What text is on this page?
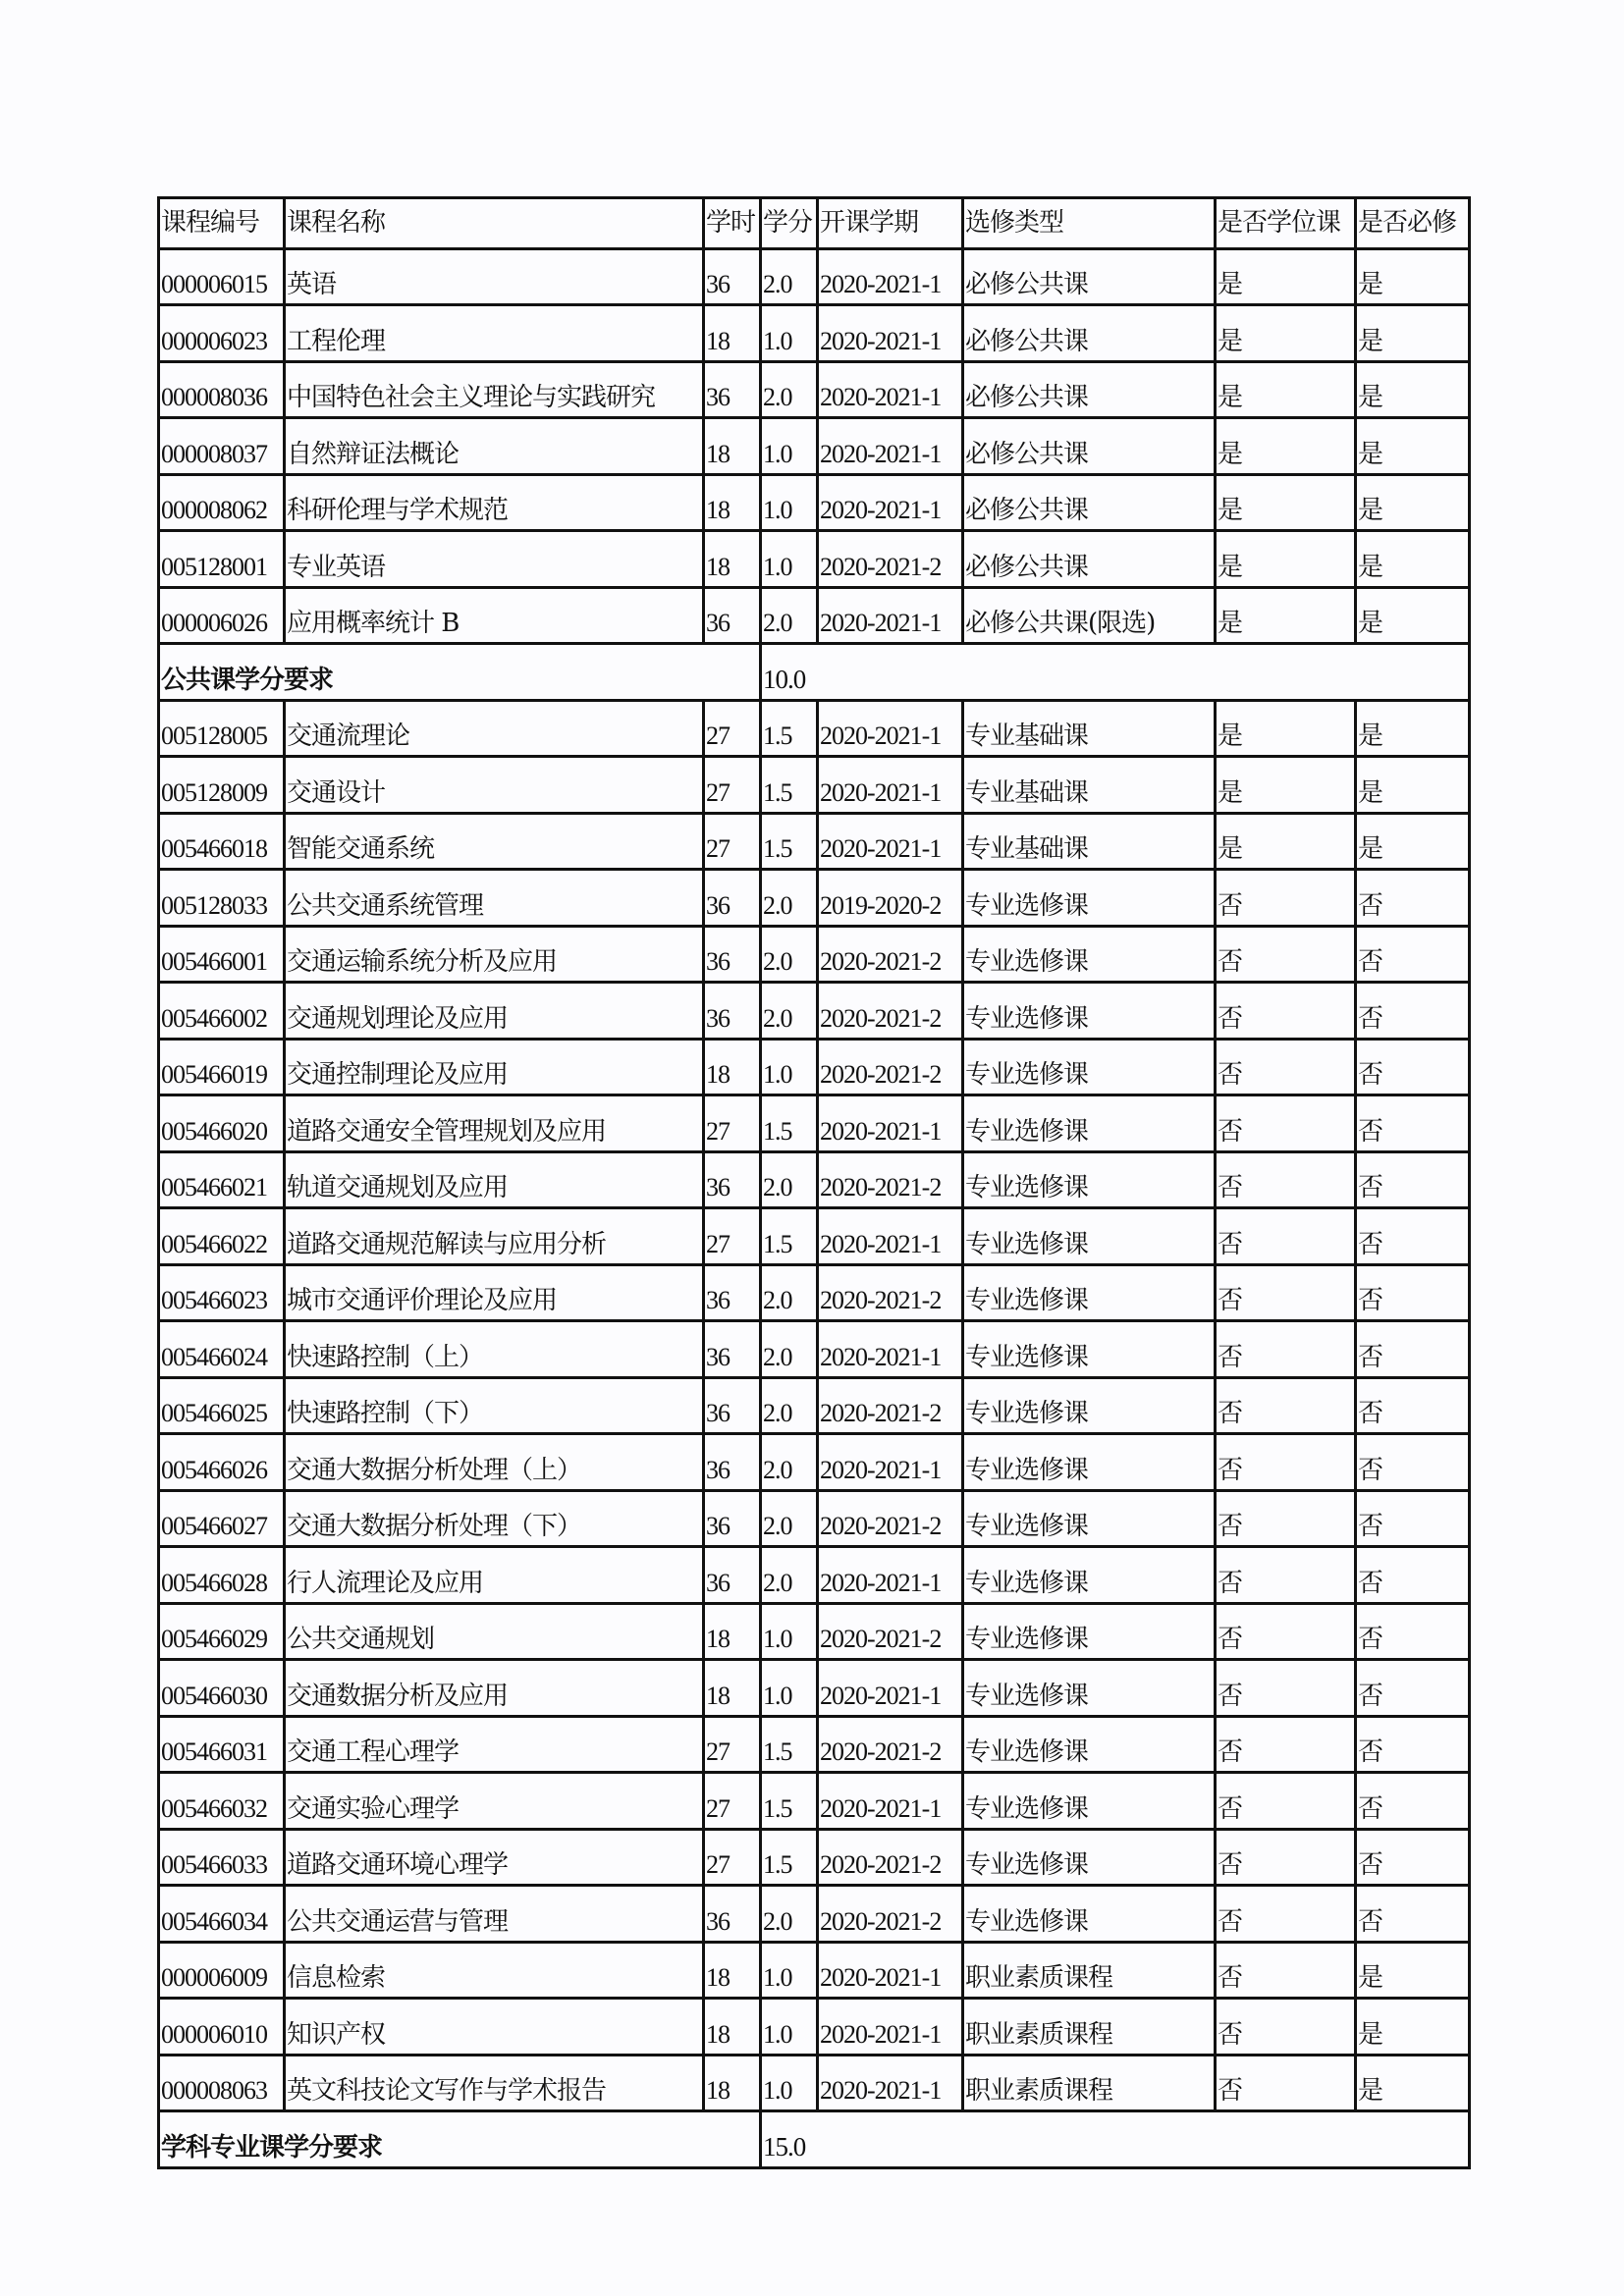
课程编号	课程名称	学时	学分	开课学期	选修类型	是否学位课	是否必修
000006015	英语	36	2.0	2020-2021-1	必修公共课	是	是
000006023	工程伦理	18	1.0	2020-2021-1	必修公共课	是	是
000008036	中国特色社会主义理论与实践研究	36	2.0	2020-2021-1	必修公共课	是	是
000008037	自然辩证法概论	18	1.0	2020-2021-1	必修公共课	是	是
000008062	科研伦理与学术规范	18	1.0	2020-2021-1	必修公共课	是	是
005128001	专业英语	18	1.0	2020-2021-2	必修公共课	是	是
000006026	应用概率统计 B	36	2.0	2020-2021-1	必修公共课(限选)	是	是
公共课学分要求			10.0				
005128005	交通流理论	27	1.5	2020-2021-1	专业基础课	是	是
005128009	交通设计	27	1.5	2020-2021-1	专业基础课	是	是
005466018	智能交通系统	27	1.5	2020-2021-1	专业基础课	是	是
005128033	公共交通系统管理	36	2.0	2019-2020-2	专业选修课	否	否
005466001	交通运输系统分析及应用	36	2.0	2020-2021-2	专业选修课	否	否
005466002	交通规划理论及应用	36	2.0	2020-2021-2	专业选修课	否	否
005466019	交通控制理论及应用	18	1.0	2020-2021-2	专业选修课	否	否
005466020	道路交通安全管理规划及应用	27	1.5	2020-2021-1	专业选修课	否	否
005466021	轨道交通规划及应用	36	2.0	2020-2021-2	专业选修课	否	否
005466022	道路交通规范解读与应用分析	27	1.5	2020-2021-1	专业选修课	否	否
005466023	城市交通评价理论及应用	36	2.0	2020-2021-2	专业选修课	否	否
005466024	快速路控制（上）	36	2.0	2020-2021-1	专业选修课	否	否
005466025	快速路控制（下）	36	2.0	2020-2021-2	专业选修课	否	否
005466026	交通大数据分析处理（上）	36	2.0	2020-2021-1	专业选修课	否	否
005466027	交通大数据分析处理（下）	36	2.0	2020-2021-2	专业选修课	否	否
005466028	行人流理论及应用	36	2.0	2020-2021-1	专业选修课	否	否
005466029	公共交通规划	18	1.0	2020-2021-2	专业选修课	否	否
005466030	交通数据分析及应用	18	1.0	2020-2021-1	专业选修课	否	否
005466031	交通工程心理学	27	1.5	2020-2021-2	专业选修课	否	否
005466032	交通实验心理学	27	1.5	2020-2021-1	专业选修课	否	否
005466033	道路交通环境心理学	27	1.5	2020-2021-2	专业选修课	否	否
005466034	公共交通运营与管理	36	2.0	2020-2021-2	专业选修课	否	否
000006009	信息检索	18	1.0	2020-2021-1	职业素质课程	否	是
000006010	知识产权	18	1.0	2020-2021-1	职业素质课程	否	是
000008063	英文科技论文写作与学术报告	18	1.0	2020-2021-1	职业素质课程	否	是
学科专业课学分要求			15.0				
